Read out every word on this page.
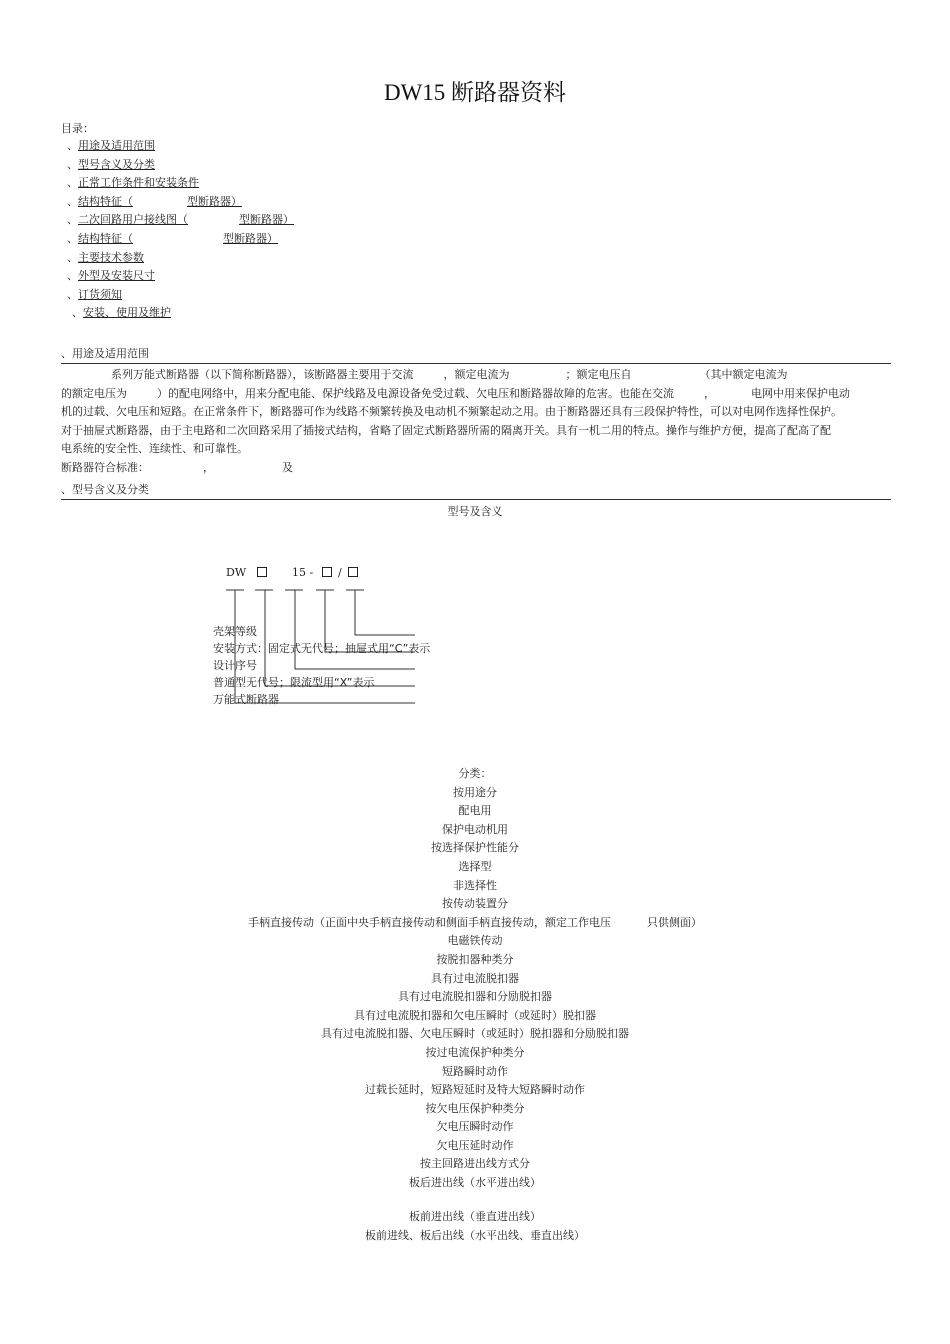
DW15 断路器资料
目录：
、用途及适用范围
、型号含义及分类
、正常工作条件和安装条件
、结构特征（	型断路器）
、二次回路用户接线图（	型断路器）
、结构特征（	型断路器）
、主要技术参数
、外型及安装尺寸
、订货须知
、安装、使用及维护
、用途及适用范围
系列万能式断路器（以下简称断路器），该断路器主要用于交流	，额定电流为	；额定电压自	（其中额定电流为
的额定电压为	）的配电网络中，用来分配电能、保护线路及电源设备免受过载、欠电压和断路器故障的危害。也能在交流	，	电网中用来保护电动
机的过载、欠电压和短路。在正常条件下，断路器可作为线路不频繁转换及电动机不频繁起动之用。由于断路器还具有三段保护特性，可以对电网作选择性保护。
对于抽屉式断路器，由于主电路和二次回路采用了插接式结构，省略了固定式断路器所需的隔离开关。具有一机二用的特点。操作与维护方便，提高了配高了配
电系统的安全性、连续性、和可靠性。
断路器符合标准：	，	及
、型号含义及分类
型号及含义
DW	15 - /
壳架等级
安装方式：固定式无代号；抽屉式用“C”表示
设计序号
普通型无代号；限流型用“X”表示
万能式断路器
分类：
按用途分
配电用
保护电动机用
按选择保护性能分
选择型
非选择性
按传动装置分
手柄直接传动（正面中央手柄直接传动和侧面手柄直接传动，额定工作电压	只供侧面）
电磁铁传动
按脱扣器种类分
具有过电流脱扣器
具有过电流脱扣器和分励脱扣器
具有过电流脱扣器和欠电压瞬时（或延时）脱扣器
具有过电流脱扣器、欠电压瞬时（或延时）脱扣器和分励脱扣器
按过电流保护种类分
短路瞬时动作
过载长延时，短路短延时及特大短路瞬时动作
按欠电压保护种类分
欠电压瞬时动作
欠电压延时动作
按主回路进出线方式分
板后进出线（水平进出线）
板前进出线（垂直进出线）
板前进线、板后出线（水平出线、垂直出线）
